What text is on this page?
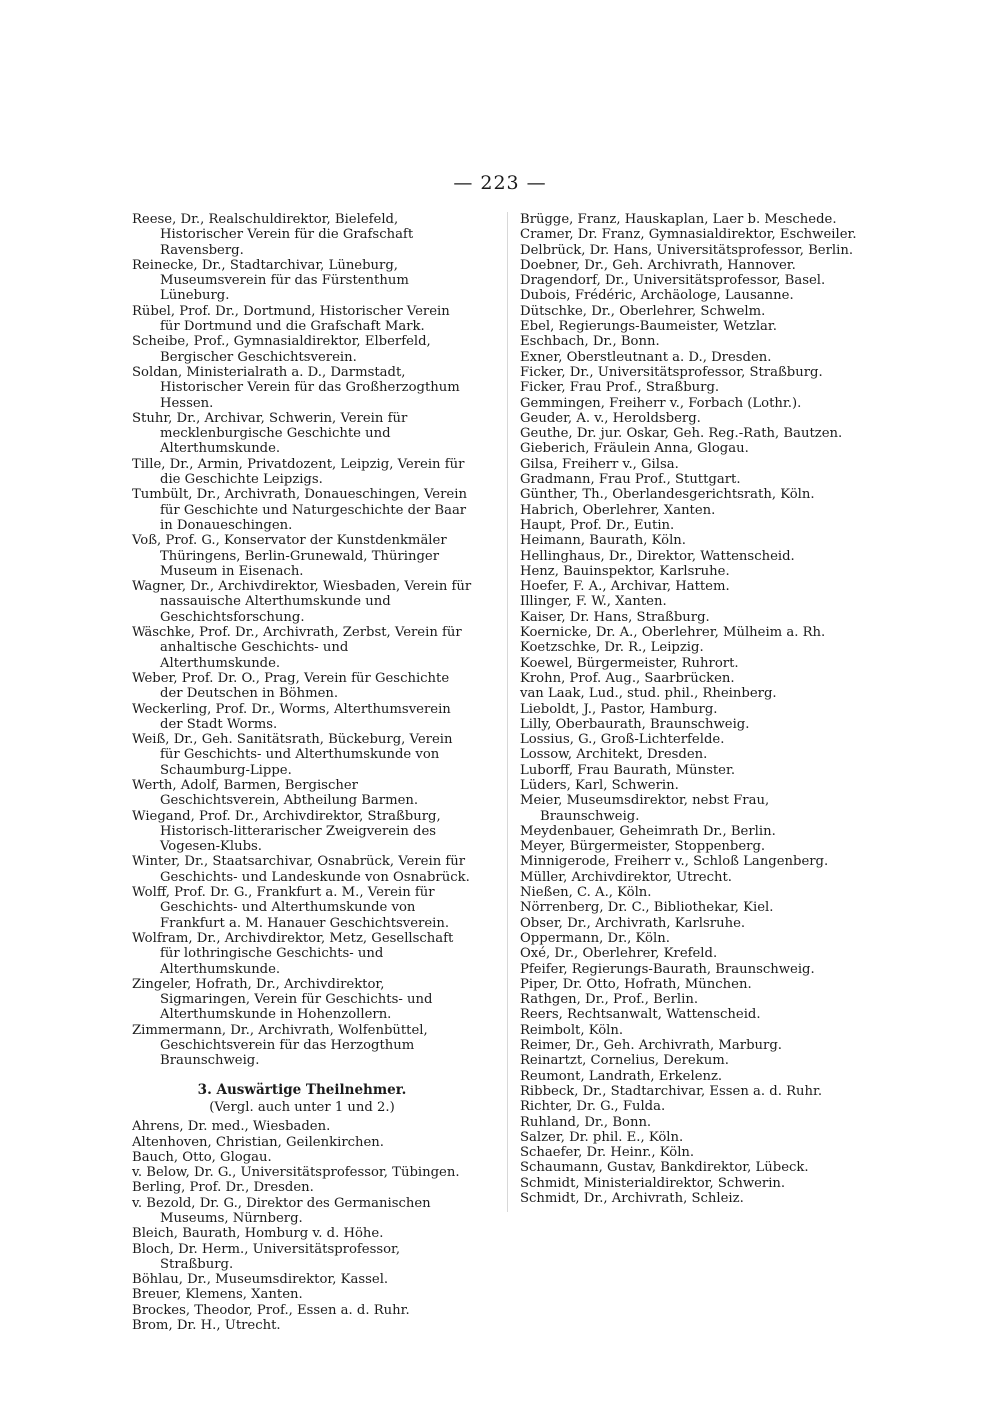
— 223 —

Reese, Dr., Realschuldirektor, Bielefeld, Historischer Verein für die Grafschaft Ravensberg.

Reinecke, Dr., Stadtarchivar, Lüneburg, Museumsverein für das Fürstenthum Lüneburg.

Rübel, Prof. Dr., Dortmund, Historischer Verein für Dortmund und die Grafschaft Mark.

Scheibe, Prof., Gymnasialdirektor, Elberfeld, Bergischer Geschichtsverein.

Soldan, Ministerialrath a. D., Darmstadt, Historischer Verein für das Großherzogthum Hessen.

Stuhr, Dr., Archivar, Schwerin, Verein für mecklenburgische Geschichte und Alterthumskunde.

Tille, Dr., Armin, Privatdozent, Leipzig, Verein für die Geschichte Leipzigs.

Tumbült, Dr., Archivrath, Donaueschingen, Verein für Geschichte und Naturgeschichte der Baar in Donaueschingen.

Voß, Prof. G., Konservator der Kunstdenkmäler Thüringens, Berlin-Grunewald, Thüringer Museum in Eisenach.

Wagner, Dr., Archivdirektor, Wiesbaden, Verein für nassauische Alterthumskunde und Geschichtsforschung.

Wäschke, Prof. Dr., Archivrath, Zerbst, Verein für anhaltische Geschichts- und Alterthumskunde.

Weber, Prof. Dr. O., Prag, Verein für Geschichte der Deutschen in Böhmen.

Weckerling, Prof. Dr., Worms, Alterthumsverein der Stadt Worms.

Weiß, Dr., Geh. Sanitätsrath, Bückeburg, Verein für Geschichts- und Alterthumskunde von Schaumburg-Lippe.

Werth, Adolf, Barmen, Bergischer Geschichtsverein, Abtheilung Barmen.

Wiegand, Prof. Dr., Archivdirektor, Straßburg, Historisch-litterarischer Zweigverein des Vogesen-Klubs.

Winter, Dr., Staatsarchivar, Osnabrück, Verein für Geschichts- und Landeskunde von Osnabrück.

Wolff, Prof. Dr. G., Frankfurt a. M., Verein für Geschichts- und Alterthumskunde von Frankfurt a. M. Hanauer Geschichtsverein.

Wolfram, Dr., Archivdirektor, Metz, Gesellschaft für lothringische Geschichts- und Alterthumskunde.

Zingeler, Hofrath, Dr., Archivdirektor, Sigmaringen, Verein für Geschichts- und Alterthumskunde in Hohenzollern.

Zimmermann, Dr., Archivrath, Wolfenbüttel, Geschichtsverein für das Herzogthum Braunschweig.

3. Auswärtige Theilnehmer.
(Vergl. auch unter 1 und 2.)

Ahrens, Dr. med., Wiesbaden.

Altenhoven, Christian, Geilenkirchen.

Bauch, Otto, Glogau.

v. Below, Dr. G., Universitätsprofessor, Tübingen.

Berling, Prof. Dr., Dresden.

v. Bezold, Dr. G., Direktor des Germanischen Museums, Nürnberg.

Bleich, Baurath, Homburg v. d. Höhe.

Bloch, Dr. Herm., Universitätsprofessor, Straßburg.

Böhlau, Dr., Museumsdirektor, Kassel.

Breuer, Klemens, Xanten.

Brockes, Theodor, Prof., Essen a. d. Ruhr.

Brom, Dr. H., Utrecht.

Brügge, Franz, Hauskaplan, Laer b. Meschede.

Cramer, Dr. Franz, Gymnasialdirektor, Eschweiler.

Delbrück, Dr. Hans, Universitätsprofessor, Berlin.

Doebner, Dr., Geh. Archivrath, Hannover.

Dragendorf, Dr., Universitätsprofessor, Basel.

Dubois, Frédéric, Archäologe, Lausanne.

Dütschke, Dr., Oberlehrer, Schwelm.

Ebel, Regierungs-Baumeister, Wetzlar.

Eschbach, Dr., Bonn.

Exner, Oberstleutnant a. D., Dresden.

Ficker, Dr., Universitätsprofessor, Straßburg.

Ficker, Frau Prof., Straßburg.

Gemmingen, Freiherr v., Forbach (Lothr.).

Geuder, A. v., Heroldsberg.

Geuthe, Dr. jur. Oskar, Geh. Reg.-Rath, Bautzen.

Gieberich, Fräulein Anna, Glogau.

Gilsa, Freiherr v., Gilsa.

Gradmann, Frau Prof., Stuttgart.

Günther, Th., Oberlandesgerichtsrath, Köln.

Habrich, Oberlehrer, Xanten.

Haupt, Prof. Dr., Eutin.

Heimann, Baurath, Köln.

Hellinghaus, Dr., Direktor, Wattenscheid.

Henz, Bauinspektor, Karlsruhe.

Hoefer, F. A., Archivar, Hattem.

Illinger, F. W., Xanten.

Kaiser, Dr. Hans, Straßburg.

Koernicke, Dr. A., Oberlehrer, Mülheim a. Rh.

Koetzschke, Dr. R., Leipzig.

Koewel, Bürgermeister, Ruhrort.

Krohn, Prof. Aug., Saarbrücken.

van Laak, Lud., stud. phil., Rheinberg.

Lieboldt, J., Pastor, Hamburg.

Lilly, Oberbaurath, Braunschweig.

Lossius, G., Groß-Lichterfelde.

Lossow, Architekt, Dresden.

Luborff, Frau Baurath, Münster.

Lüders, Karl, Schwerin.

Meier, Museumsdirektor, nebst Frau, Braunschweig.

Meydenbauer, Geheimrath Dr., Berlin.

Meyer, Bürgermeister, Stoppenberg.

Minnigerode, Freiherr v., Schloß Langenberg.

Müller, Archivdirektor, Utrecht.

Nießen, C. A., Köln.

Nörrenberg, Dr. C., Bibliothekar, Kiel.

Obser, Dr., Archivrath, Karlsruhe.

Oppermann, Dr., Köln.

Oxé, Dr., Oberlehrer, Krefeld.

Pfeifer, Regierungs-Baurath, Braunschweig.

Piper, Dr. Otto, Hofrath, München.

Rathgen, Dr., Prof., Berlin.

Reers, Rechtsanwalt, Wattenscheid.

Reimbolt, Köln.

Reimer, Dr., Geh. Archivrath, Marburg.

Reinartzt, Cornelius, Derekum.

Reumont, Landrath, Erkelenz.

Ribbeck, Dr., Stadtarchivar, Essen a. d. Ruhr.

Richter, Dr. G., Fulda.

Ruhland, Dr., Bonn.

Salzer, Dr. phil. E., Köln.

Schaefer, Dr. Heinr., Köln.

Schaumann, Gustav, Bankdirektor, Lübeck.

Schmidt, Ministerialdirektor, Schwerin.

Schmidt, Dr., Archivrath, Schleiz.
